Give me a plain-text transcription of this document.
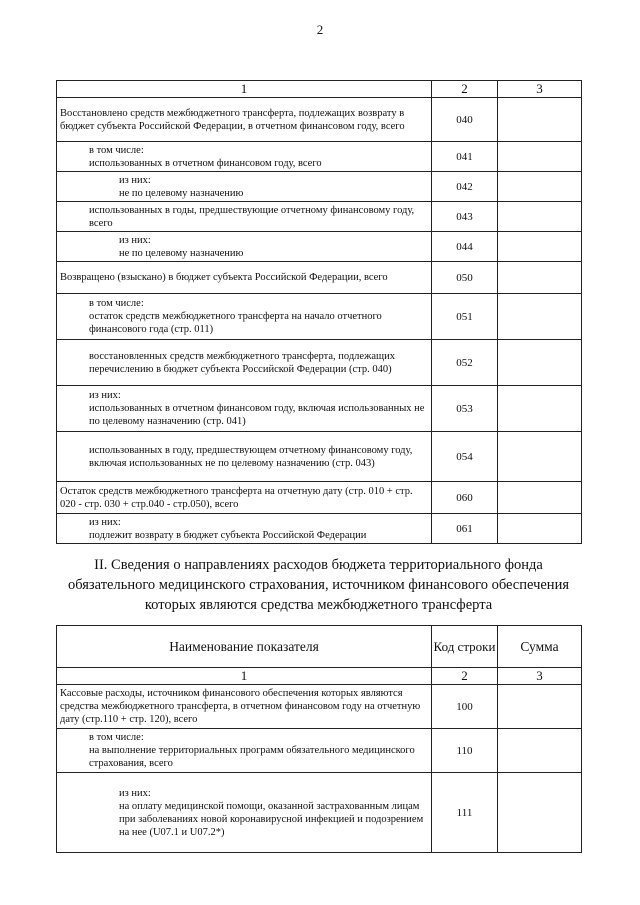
2
1	2	3
Восстановлено средств межбюджетного трансферта, подлежащих возврату в бюджет субъекта Российской Федерации, в отчетном финансовом году, всего	040	
в том числе:
использованных в отчетном финансовом году, всего	041	
из них:
не по целевому назначению	042	
использованных в годы, предшествующие отчетному финансовому году, всего	043	
из них:
не по целевому назначению	044	
Возвращено (взыскано) в бюджет субъекта Российской Федерации, всего	050	
в том числе:
остаток средств межбюджетного трансферта на начало отчетного финансового года (стр. 011)	051	
восстановленных средств межбюджетного трансферта, подлежащих перечислению в бюджет субъекта Российской Федерации (стр. 040)	052	
из них:
использованных в отчетном финансовом году, включая использованных не по целевому назначению (стр. 041)	053	
использованных в году, предшествующем отчетному финансовому году, включая использованных не по целевому назначению (стр. 043)	054	
Остаток средств межбюджетного трансферта на отчетную дату (стр. 010 + стр. 020 - стр. 030 + стр.040 - стр.050), всего	060	
из них:
подлежит возврату в бюджет субъекта Российской Федерации	061	
II. Сведения о направлениях расходов бюджета территориального фонда обязательного медицинского страхования, источником финансового обеспечения которых являются средства межбюджетного трансферта
Наименование показателя	Код строки	Сумма
1	2	3
Кассовые расходы, источником финансового обеспечения которых являются средства межбюджетного трансферта, в отчетном финансовом году на отчетную дату (стр.110 + стр. 120), всего	100	
в том числе:
на выполнение территориальных программ обязательного медицинского страхования, всего	110	
из них:
на оплату медицинской помощи, оказанной застрахованным лицам при заболеваниях новой коронавирусной инфекцией и подозрением на нее (U07.1 и U07.2*)	111	
